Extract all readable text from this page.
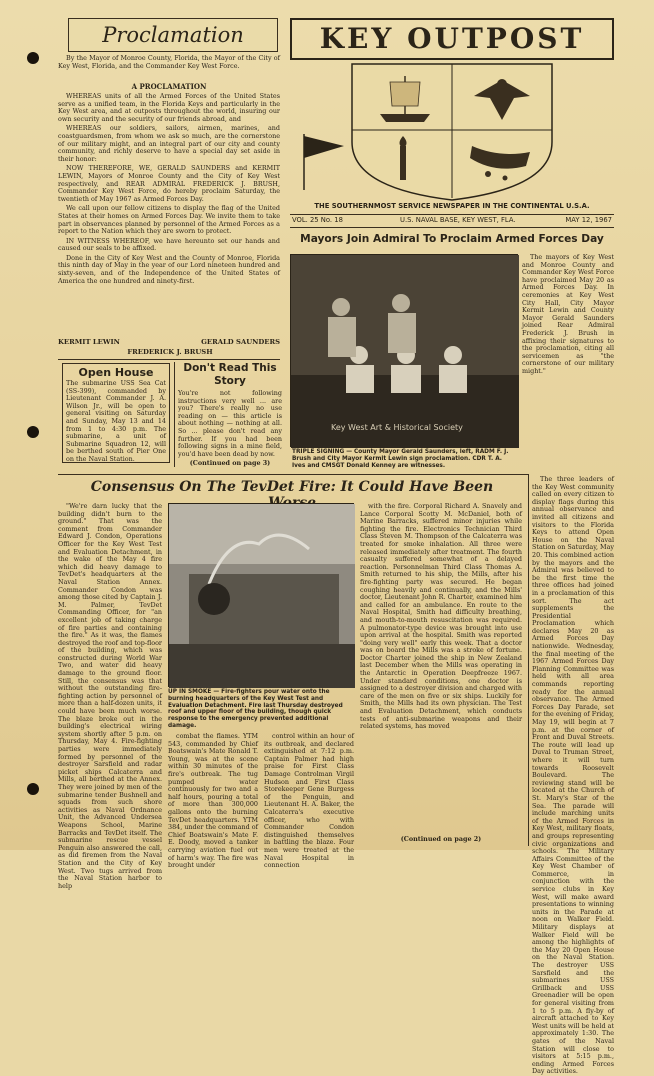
Proclamation

By the Mayor of Monroe County, Florida, the Mayor of the City of Key West, Florida, and the Commander Key West Force.

A PROCLAMATION

WHEREAS units of all the Armed Forces of the United States serve as a unified team, in the Florida Keys and particularly in the Key West area, and at outposts throughout the world, insuring our own security and the security of our friends abroad, and

WHEREAS our soldiers, sailors, airmen, marines, and coastguardsmen, from whom we ask so much, are the cornerstone of our military might, and an integral part of our city and county community, and richly deserve to have a special day set aside in their honor:

NOW THEREFORE, WE, GERALD SAUNDERS and KERMIT LEWIN, Mayors of Monroe County and the City of Key West respectively, and REAR ADMIRAL FREDERICK J. BRUSH, Commander Key West Force, do hereby proclaim Saturday, the twentieth of May 1967 as Armed Forces Day.

We call upon our fellow citizens to display the flag of the United States at their homes on Armed Forces Day. We invite them to take part in observances planned by personnel of the Armed Forces as a report to the Nation which they are sworn to protect.

IN WITNESS WHEREOF, we have hereunto set our hands and caused our seals to be affixed.

Done in the City of Key West and the County of Monroe, Florida this ninth day of May in the year of our Lord nineteen hundred and sixty-seven, and of the Independence of the United States of America the one hundred and ninety-first.

KERMIT LEWIN	GERALD SAUNDERS
FREDERICK J. BRUSH
Open House
The submarine USS Sea Cat (SS-399), commanded by Lieutenant Commander J. A. Wilson Jr., will be open to general visiting on Saturday and Sunday, May 13 and 14 from 1 to 4:30 p.m. The submarine, a unit of Submarine Squadron 12, will be berthed south of Pier One on the Naval Station.
Don't Read This Story
You're not following instructions very well ... are you? There's really no use reading on — this article is about nothing — nothing at all. So ... please don't read any further. If you had been following signs in a mine field, you'd have been dead by now.
(Continued on page 3)
KEY OUTPOST
THE SOUTHERNMOST SERVICE NEWSPAPER IN THE CONTINENTAL U.S.A.
VOL. 25 No. 18	U.S. NAVAL BASE, KEY WEST, FLA.	MAY 12, 1967
Mayors Join Admiral To Proclaim Armed Forces Day
Key West Art & Historical Society
TRIPLE SIGNING — County Mayor Gerald Saunders, left, RADM F. J. Brush and City Mayor Kermit Lewin sign proclamation. CDR T. A. Ives and CMSGT Donald Kenney are witnesses.

The mayors of Key West and Monroe County and Commander Key West Force have proclaimed May 20 as Armed Forces Day. In ceremonies at Key West City Hall, City Mayor Kermit Lewin and County Mayor Gerald Saunders joined Rear Admiral Frederick J. Brush in affixing their signatures to the proclamation, citing all servicemen as "the cornerstone of our military might."

Consensus On The TevDet Fire: It Could Have Been

"We're darn lucky that the building didn't burn to the ground." That was the comment from Commander Edward J. Condon, Operations Officer for the Key West Test and Evaluation Detachment, in the wake of the May 4 fire which did heavy damage to TevDet's headquarters at the Naval Station Annex. Commander Condon was among those cited by Captain J. M. Palmer, TevDet Commanding Officer, for "an excellent job of taking charge of fire parties and containing the fire." As it was, the flames destroyed the roof and top-floor of the building, which was constructed during World War Two, and water did heavy damage to the ground floor. Still, the consensus was that without the outstanding fire-fighting action by personnel of more than a half-dozen units, it could have been much worse. The blaze broke out in the building's electrical wiring system shortly after 5 p.m. on Thursday, May 4. Fire-fighting parties were immediately formed by personnel of the destroyer Sarsfield and radar picket ships Calcaterra and Mills, all berthed at the Annex. They were joined by men of the submarine tender Bushnell and squads from such shore activities as Naval Ordnance Unit, the Advanced Undersea Weapons School, Marine Barracks and TevDet itself. The submarine rescue vessel Penguin also answered the call, as did firemen from the Naval Station and the City of Key West. Two tugs arrived from the Naval Station harbor to help

UP IN SMOKE — Fire-fighters pour water onto the burning headquarters of the Key West Test and Evaluation Detachment. Fire last Thursday destroyed roof and upper floor of the building, though quick response to the emergency prevented additional damage.

combat the flames. YTM 543, commanded by Chief Boatswain's Mate Ronald T. Young, was at the scene within 30 minutes of the fire's outbreak. The tug pumped water continuously for two and a half hours, pouring a total of more than 300,000 gallons onto the burning TevDet headquarters. YTM 384, under the command of Chief Boatswain's Mate F. E. Doody, moved a tanker carrying aviation fuel out of harm's way. The fire was brought under

control within an hour of its outbreak, and declared extinguished at 7:12 p.m. Captain Palmer had high praise for First Class Damage Controlman Virgil Hudson and First Class Storekeeper Gene Burgess of the Penguin, and Lieutenant H. A. Baker, the Calcaterra's executive officer, who with Commander Condon distinguished themselves in battling the blaze. Four men were treated at the Naval Hospital in connection

with the fire. Corporal Richard A. Snavely and Lance Corporal Scotty M. McDaniel, both of Marine Barracks, suffered minor injuries while fighting the fire. Electronics Technician Third Class Steven M. Thompson of the Calcaterra was treated for smoke inhalation. All three were released immediately after treatment. The fourth casualty suffered somewhat of a delayed reaction. Personnelman Third Class Thomas A. Smith returned to his ship, the Mills, after his fire-fighting party was secured. He began coughing heavily and continually, and the Mills' doctor, Lieutenant John R. Charter, examined him and called for an ambulance. En route to the Naval Hospital, Smith had difficulty breathing, and mouth-to-mouth resuscitation was required. A pulmonator-type device was brought into use upon arrival at the hospital. Smith was reported "doing very well" early this week. That a doctor was on board the Mills was a stroke of fortune. Doctor Charter joined the ship in New Zealand last December when the Mills was operating in the Antarctic in Operation Deepfreeze 1967. Under standard conditions, one doctor is assigned to a destroyer division and charged with care of the men on five or six ships. Luckily for Smith, the Mills had its own physician. The Test and Evaluation Detachment, which conducts tests of anti-submarine weapons and their related systems, has moved

(Continued on page 2)

The three leaders of the Key West community called on every citizen to display flags during this annual observance and invited all citizens and visitors to the Florida Keys to attend Open House on the Naval Station on Saturday, May 20. This combined action by the mayors and the Admiral was believed to be the first time the three offices had joined in a proclamation of this sort. The act supplements the Presidential Proclamation which declares May 20 as Armed Forces Day nationwide. Wednesday, the final meeting of the 1967 Armed Forces Day Planning Committee was held with all area commands reporting ready for the annual observance. The Armed Forces Day Parade, set for the evening of Friday, May 19, will begin at 7 p.m. at the corner of Front and Duval Streets. The route will lead up Duval to Truman Street, where it will turn towards Roosevelt Boulevard. The reviewing stand will be located at the Church of St. Mary's Star of the Sea. The parade will include marching units of the Armed Forces in Key West, military floats, and groups representing civic organizations and schools. The Military Affairs Committee of the Key West Chamber of Commerce, in conjunction with the service clubs in Key West, will make award presentations to winning units in the Parade at noon on Walker Field. Military displays at Walker Field will be among the highlights of the May 20 Open House on the Naval Station. The destroyer USS Sarsfield and the submarines USS Grillback and USS Greenadier will be open for general visiting from 1 to 5 p.m. A fly-by of aircraft attached to Key West units will be held at approximately 1:30. The gates of the Naval Station will close to visitors at 5:15 p.m., ending Armed Forces Day activities.
